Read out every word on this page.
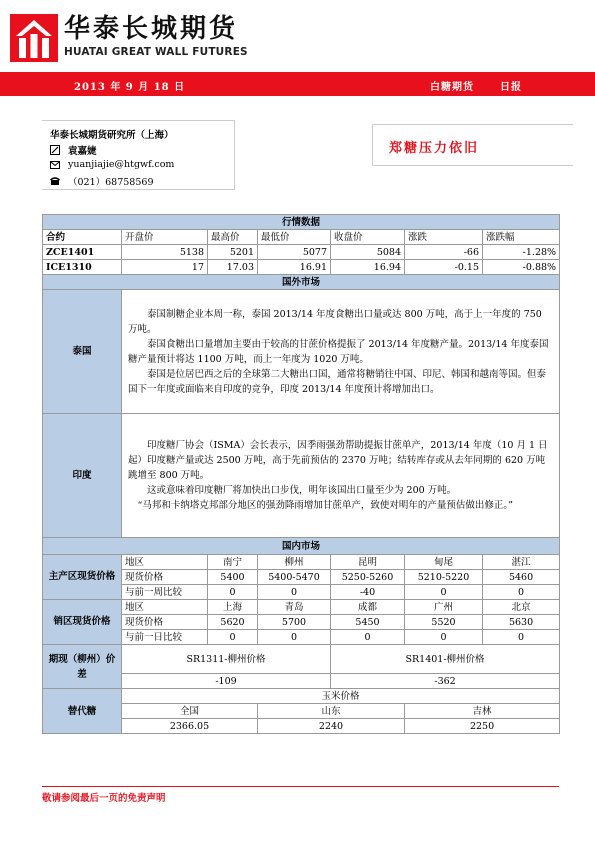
华泰长城期货
HUATAI GREAT WALL FUTURES
2013 年 9 月 18 日	白糖期货	日报
华泰长城期货研究所（上海）
袁嘉婕
yuanjiajie@htgwf.com
（021）68758569
郑糖压力依旧
行情数据						
合约	开盘价	最高价	最低价	收盘价	涨跌	涨跌幅
ZCE1401	5138	5201	5077	5084	-66	-1.28%
ICE1310	17	17.03	16.91	16.94	-0.15	-0.88%
国外市场						
泰国	泰国制糖企业本周一称，泰国 2013/14 年度食糖出口量或达 800 万吨，高于上一年度的 750 万吨。

泰国食糖出口量增加主要由于较高的甘蔗价格提振了 2013/14 年度糖产量。2013/14 年度泰国糖产量预计将达 1100 万吨，而上一年度为 1020 万吨。

泰国是位居巴西之后的全球第二大糖出口国，通常将糖销往中国、印尼、韩国和越南等国。但泰国下一年度或面临来自印度的竞争，印度 2013/14 年度预计将增加出口。					

印度	印度糖厂协会（ISMA）会长表示，因季雨强劲帮助提振甘蔗单产，2013/14 年度（10 月 1 日起）印度糖产量或达 2500 万吨，高于先前预估的 2370 万吨；结转库存或从去年同期的 620 万吨跳增至 800 万吨。

这或意味着印度糖厂将加快出口步伐，明年该国出口量至少为 200 万吨。

“马邦和卡纳塔克邦部分地区的强劲降雨增加甘蔗单产，致使对明年的产量预估做出修正。”					

国内市场						
主产区现货价格	地区	南宁	柳州	昆明	甸尾	湛江
	现货价格	5400	5400-5470	5250-5260	5210-5220	5460
	与前一周比较	0	0	-40	0	0
销区现货价格	地区	上海	青岛	成都	广州	北京
	现货价格	5620	5700	5450	5520	5630
	与前一日比较	0	0	0	0	0
期现（柳州）价差	SR1311-柳州价格			SR1401-柳州价格		
	-109			-362		
替代糖	玉米价格					
	全国		山东		吉林	
	2366.05		2240		2250	
敬请参阅最后一页的免责声明
